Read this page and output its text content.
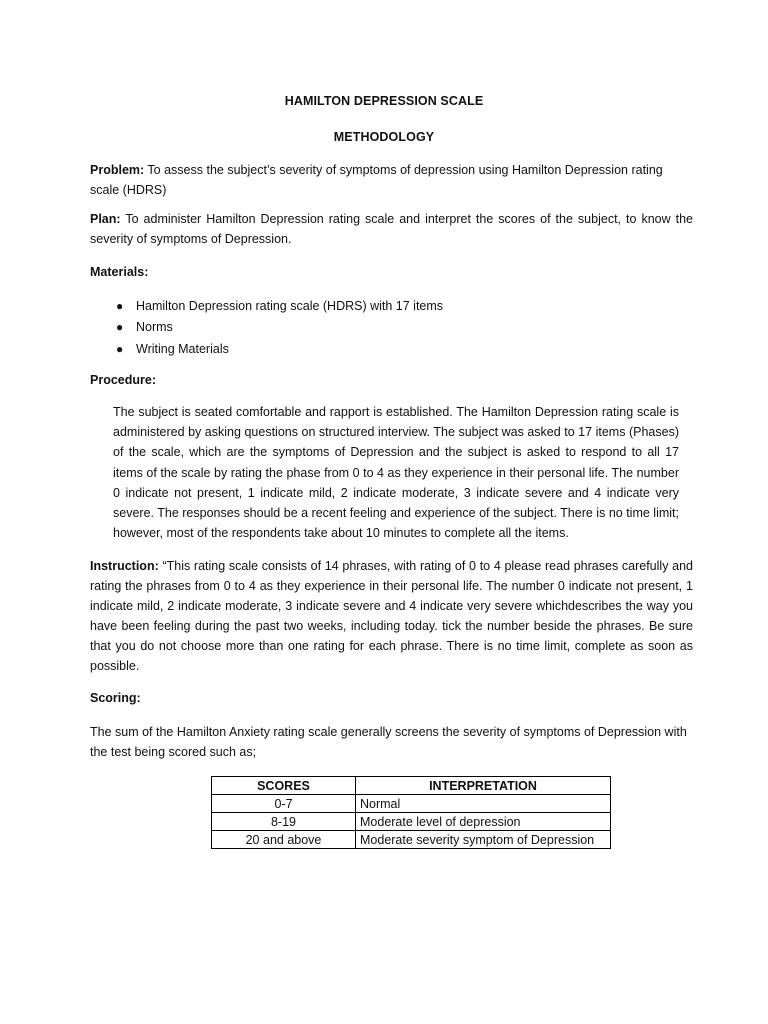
HAMILTON DEPRESSION SCALE
METHODOLOGY

Problem: To assess the subject’s severity of symptoms of depression using Hamilton Depression rating scale (HDRS)

Plan: To administer Hamilton Depression rating scale and interpret the scores of the subject, to know the severity of symptoms of Depression.

Materials:

● Hamilton Depression rating scale (HDRS) with 17 items
● Norms
● Writing Materials

Procedure:

The subject is seated comfortable and rapport is established. The Hamilton Depression rating scale is administered by asking questions on structured interview. The subject was asked to 17 items (Phases) of the scale, which are the symptoms of Depression and the subject is asked to respond to all 17 items of the scale by rating the phase from 0 to 4 as they experience in their personal life. The number 0 indicate not present, 1 indicate mild, 2 indicate moderate, 3 indicate severe and 4 indicate very severe. The responses should be a recent feeling and experience of the subject. There is no time limit; however, most of the respondents take about 10 minutes to complete all the items.

Instruction: “This rating scale consists of 14 phrases, with rating of 0 to 4 please read phrases carefully and rating the phrases from 0 to 4 as they experience in their personal life. The number 0 indicate not present, 1 indicate mild, 2 indicate moderate, 3 indicate severe and 4 indicate very severe whichdescribes the way you have been feeling during the past two weeks, including today. tick the number beside the phrases. Be sure that you do not choose more than one rating for each phrase. There is no time limit, complete as soon as possible.

Scoring:

The sum of the Hamilton Anxiety rating scale generally screens the severity of symptoms of Depression with the test being scored such as;

SCORES	INTERPRETATION
0-7	Normal
8-19	Moderate level of depression
20 and above	Moderate severity symptom of Depression
